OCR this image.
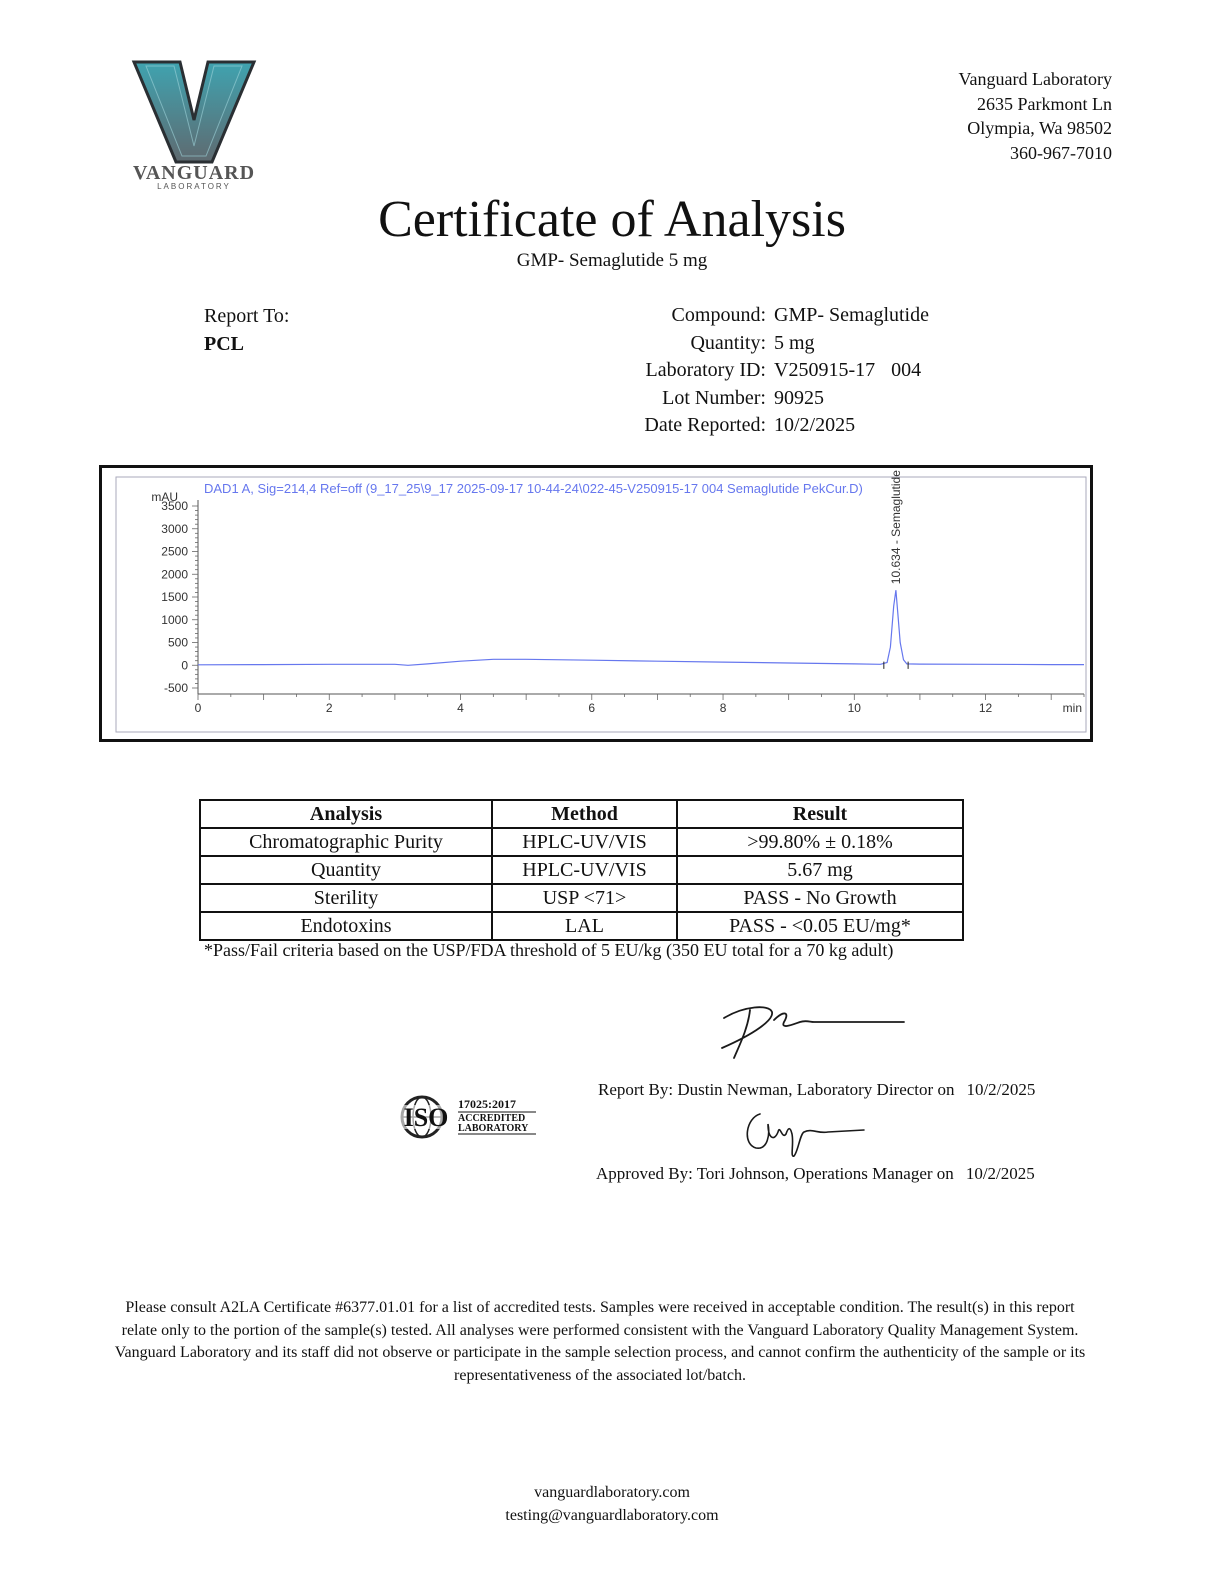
VANGUARD
LABORATORY
Vanguard Laboratory
2635 Parkmont Ln
Olympia, Wa 98502
360-967-7010
Certificate of Analysis
GMP- Semaglutide 5 mg
Report To:
PCL
Compound: GMP- Semaglutide
Quantity: 5 mg
Laboratory ID: V250915-17 004
Lot Number: 90925
Date Reported: 10/2/2025
DAD1 A, Sig=214,4 Ref=off (9_17_25\9_17 2025-09-17 10-44-24\022-45-V250915-17 004 Semaglutide PekCur.D)
mAU
3500
3000
2500
2000
1500
1000
500
0
-500
0	2	4	6	8	10	12	min
10.634 - Semaglutide
Analysis	Method	Result
Chromatographic Purity	HPLC-UV/VIS	>99.80% ± 0.18%
Quantity	HPLC-UV/VIS	5.67 mg
Sterility	USP <71>	PASS - No Growth
Endotoxins	LAL	PASS - <0.05 EU/mg*
*Pass/Fail criteria based on the USP/FDA threshold of 5 EU/kg (350 EU total for a 70 kg adult)
Report By: Dustin Newman, Laboratory Director on 10/2/2025
ISO 17025:2017
ACCREDITED
LABORATORY
Approved By: Tori Johnson, Operations Manager on 10/2/2025
Please consult A2LA Certificate #6377.01.01 for a list of accredited tests. Samples were received in acceptable condition. The result(s) in this report relate only to the portion of the sample(s) tested. All analyses were performed consistent with the Vanguard Laboratory Quality Management System. Vanguard Laboratory and its staff did not observe or participate in the sample selection process, and cannot confirm the authenticity of the sample or its representativeness of the associated lot/batch.
vanguardlaboratory.com
testing@vanguardlaboratory.com
